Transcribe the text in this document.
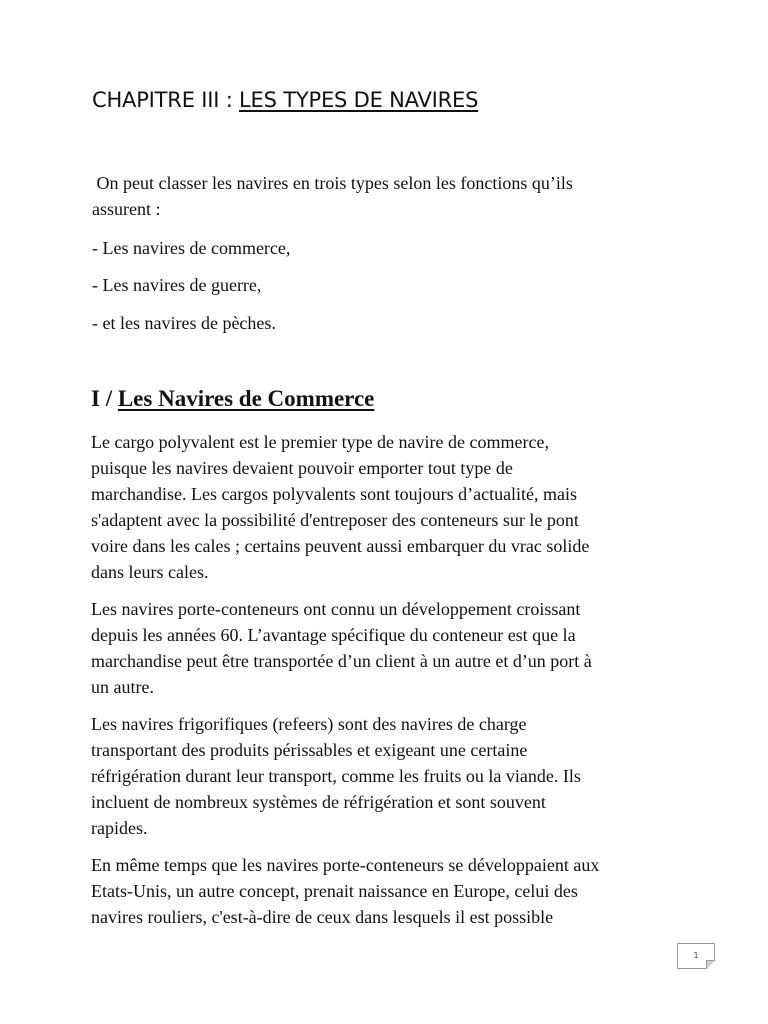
CHAPITRE III : LES TYPES DE NAVIRES
On peut classer les navires en trois types selon les fonctions qu’ils
assurent :
- Les navires de commerce,
- Les navires de guerre,
- et les navires de pèches.
I / Les Navires de Commerce
Le cargo polyvalent est le premier type de navire de commerce,
puisque les navires devaient pouvoir emporter tout type de
marchandise. Les cargos polyvalents sont toujours d’actualité, mais
s'adaptent avec la possibilité d'entreposer des conteneurs sur le pont
voire dans les cales ; certains peuvent aussi embarquer du vrac solide
dans leurs cales.
Les navires porte-conteneurs ont connu un développement croissant
depuis les années 60. L’avantage spécifique du conteneur est que la
marchandise peut être transportée d’un client à un autre et d’un port à
un autre.
Les navires frigorifiques (refeers) sont des navires de charge
transportant des produits périssables et exigeant une certaine
réfrigération durant leur transport, comme les fruits ou la viande. Ils
incluent de nombreux systèmes de réfrigération et sont souvent
rapides.
En même temps que les navires porte-conteneurs se développaient aux
Etats-Unis, un autre concept, prenait naissance en Europe, celui des
navires rouliers, c'est-à-dire de ceux dans lesquels il est possible
1
